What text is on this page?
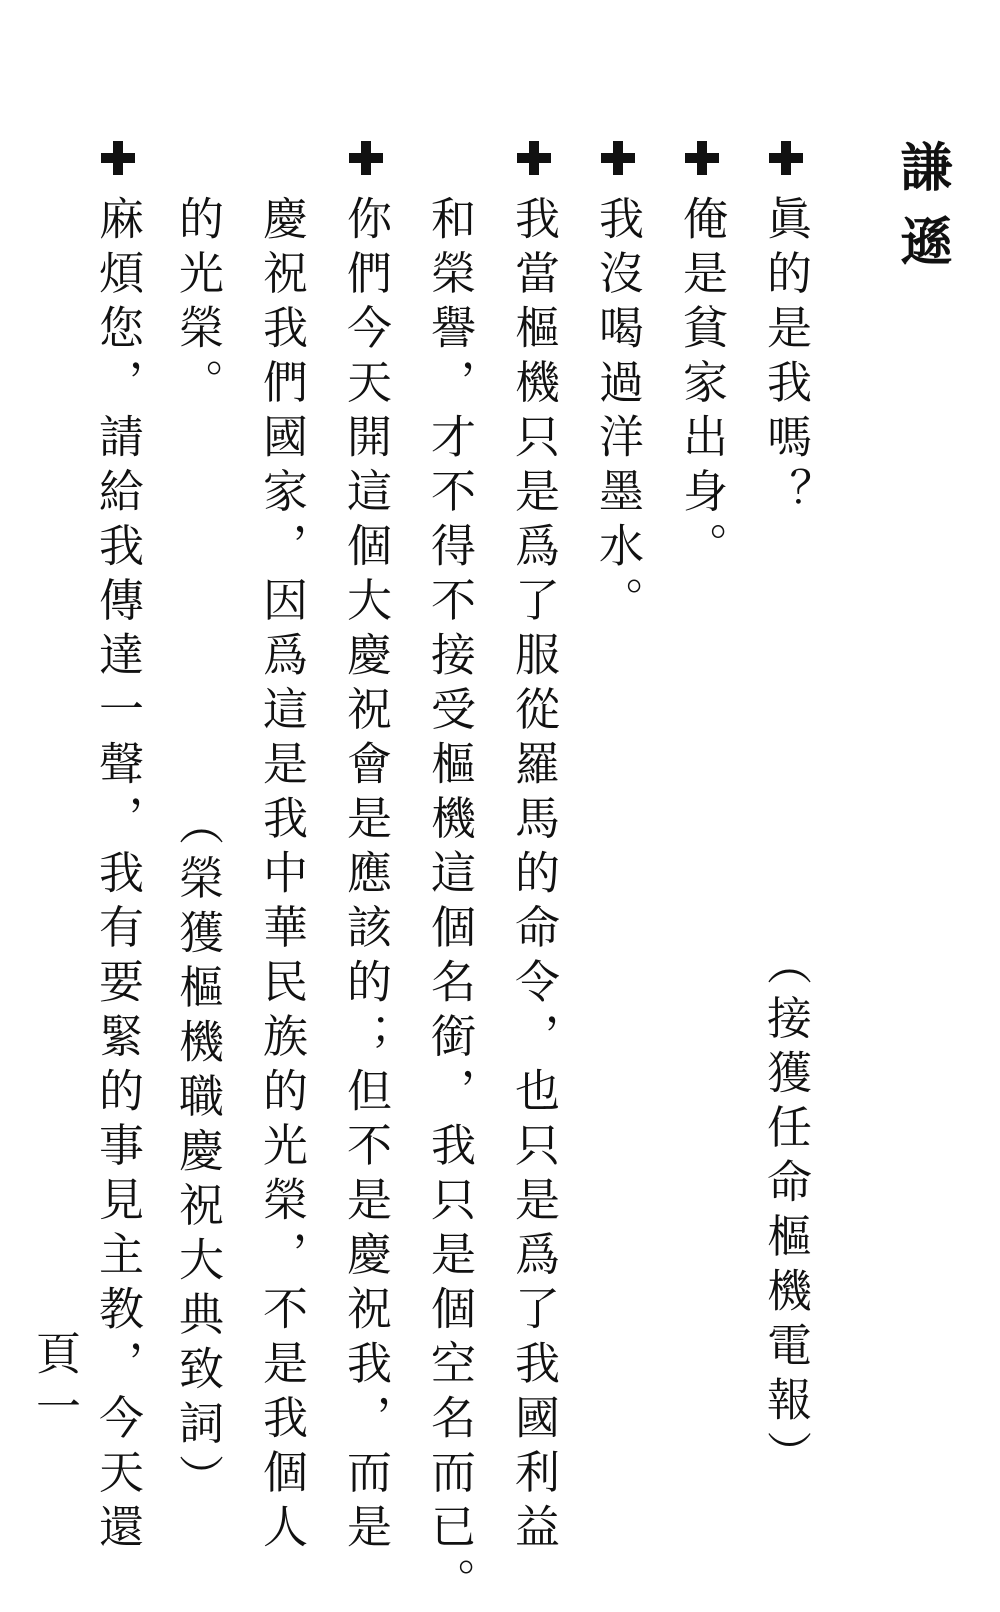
謙遜
眞的是我嗎？
（接獲任命樞機電報）
俺是貧家出身。
我沒喝過洋墨水。
我當樞機只是爲了服從羅馬的命令，也只是爲了我國利益
和榮譽，才不得不接受樞機這個名銜，我只是個空名而已。
你們今天開這個大慶祝會是應該的；但不是慶祝我，而是
慶祝我們國家，因爲這是我中華民族的光榮，不是我個人
的光榮。
（榮獲樞機職慶祝大典致詞）
麻煩您，請給我傳達一聲，我有要緊的事見主教，今天還
頁一
